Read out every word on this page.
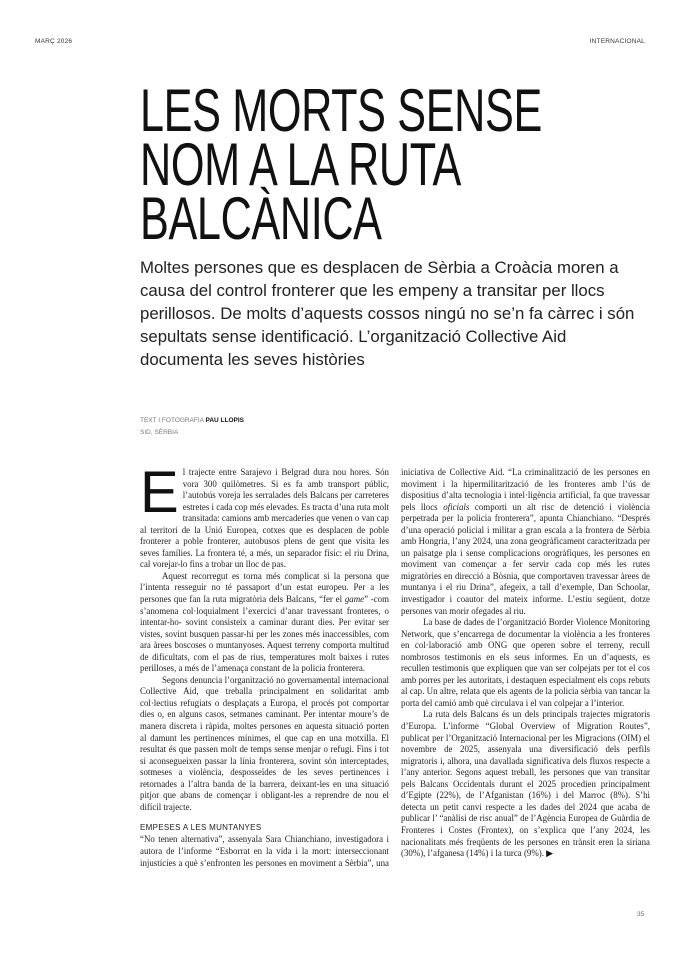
MARÇ 2026	INTERNACIONAL
LES MORTS SENSE
NOM A LA RUTA
BALCÀNICA
Moltes persones que es desplacen de Sèrbia a Croàcia moren a causa del control fronterer que les empeny a transitar per llocs perillosos. De molts d’aquests cossos ningú no se’n fa càrrec i són sepultats sense identificació. L’organització Collective Aid documenta les seves històries
TEXT I FOTOGRAFIA PAU LLOPIS
SID, SÈRBIA

El trajecte entre Sarajevo i Belgrad dura nou hores. Són vora 300 quilòmetres. Si es fa amb transport públic, l’autobús voreja les serralades dels Balcans per carreteres estretes i cada cop més elevades. Es tracta d’una ruta molt transitada: camions amb mercaderies que venen o van cap al territori de la Unió Europea, cotxes que es desplacen de poble fronterer a poble fronterer, autobusos plens de gent que visita les seves famílies. La frontera té, a més, un separador físic: el riu Drina, cal vorejar-lo fins a trobar un lloc de pas.

Aquest recorregut es torna més complicat si la persona que l’intenta resseguir no té passaport d’un estat europeu. Per a les persones que fan la ruta migratòria dels Balcans, “fer el game” -com s’anomena col·loquialment l’exercici d’anar travessant fronteres, o intentar-ho- sovint consisteix a caminar durant dies. Per evitar ser vistes, sovint busquen passar-hi per les zones més inaccessibles, com ara àrees boscoses o muntanyoses. Aquest terreny comporta multitud de dificultats, com el pas de rius, temperatures molt baixes i rutes perilloses, a més de l’amenaça constant de la policia fronterera.

Segons denuncia l’organització no governamental internacional Collective Aid, que treballa principalment en solidaritat amb col·lectius refugiats o desplaçats a Europa, el procés pot comportar dies o, en alguns casos, setmanes caminant. Per intentar moure’s de manera discreta i ràpida, moltes persones en aquesta situació porten al damunt les pertinences mínimes, el que cap en una motxilla. El resultat és que passen molt de temps sense menjar o refugi. Fins i tot si aconsegueixen passar la línia fronterera, sovint són interceptades, sotmeses a violència, desposseïdes de les seves pertinences i retornades a l’altra banda de la barrera, deixant-les en una situació pitjor que abans de començar i obligant-les a reprendre de nou el difícil trajecte.

EMPESES A LES MUNTANYES

“No tenen alternativa”, assenyala Sara Chianchiano, investigadora i autora de l’informe “Esborrat en la vida i la mort: interseccionant injustícies a què s’enfronten les persones en moviment a Sèrbia”, una iniciativa de Collective Aid. “La criminalització de les persones en moviment i la hipermilitarització de les fronteres amb l’ús de dispositius d’alta tecnologia i intel·ligència artificial, fa que travessar pels llocs oficials comporti un alt risc de detenció i violència perpetrada per la policia fronterera”, apunta Chianchiano. “Després d’una operació policial i militar a gran escala a la frontera de Sèrbia amb Hongria, l’any 2024, una zona geogràficament caracteritzada per un paisatge pla i sense complicacions orogràfiques, les persones en moviment van començar a fer servir cada cop més les rutes migratòries en direcció a Bòsnia, que comportaven travessar àrees de muntanya i el riu Drina”, afegeix, a tall d’exemple, Dan Schoolar, investigador i coautor del mateix informe. L’estiu següent, dotze persones van morir ofegades al riu.

La base de dades de l’organització Border Violence Monitoring Network, que s’encarrega de documentar la violència a les fronteres en col·laboració amb ONG que operen sobre el terreny, recull nombrosos testimonis en els seus informes. En un d’aquests, es recullen testimonis que expliquen que van ser colpejats per tot el cos amb porres per les autoritats, i destaquen especialment els cops rebuts al cap. Un altre, relata que els agents de la policia sèrbia van tancar la porta del camió amb què circulava i el van colpejar a l’interior.

La ruta dels Balcans és un dels principals trajectes migratoris d’Europa. L’informe “Global Overview of Migration Routes”, publicat per l’Organització Internacional per les Migracions (OIM) el novembre de 2025, assenyala una diversificació dels perfils migratoris i, alhora, una davallada significativa dels fluxos respecte a l’any anterior. Segons aquest treball, les persones que van transitar pels Balcans Occidentals durant el 2025 procedien principalment d’Egipte (22%), de l’Afganistan (16%) i del Marroc (8%). S’hi detecta un petit canvi respecte a les dades del 2024 que acaba de publicar l’ “anàlisi de risc anual” de l’Agència Europea de Guàrdia de Fronteres i Costes (Frontex), on s’explica que l’any 2024, les nacionalitats més freqüents de les persones en trànsit eren la siriana (30%), l’afganesa (14%) i la turca (9%). ▶

35
